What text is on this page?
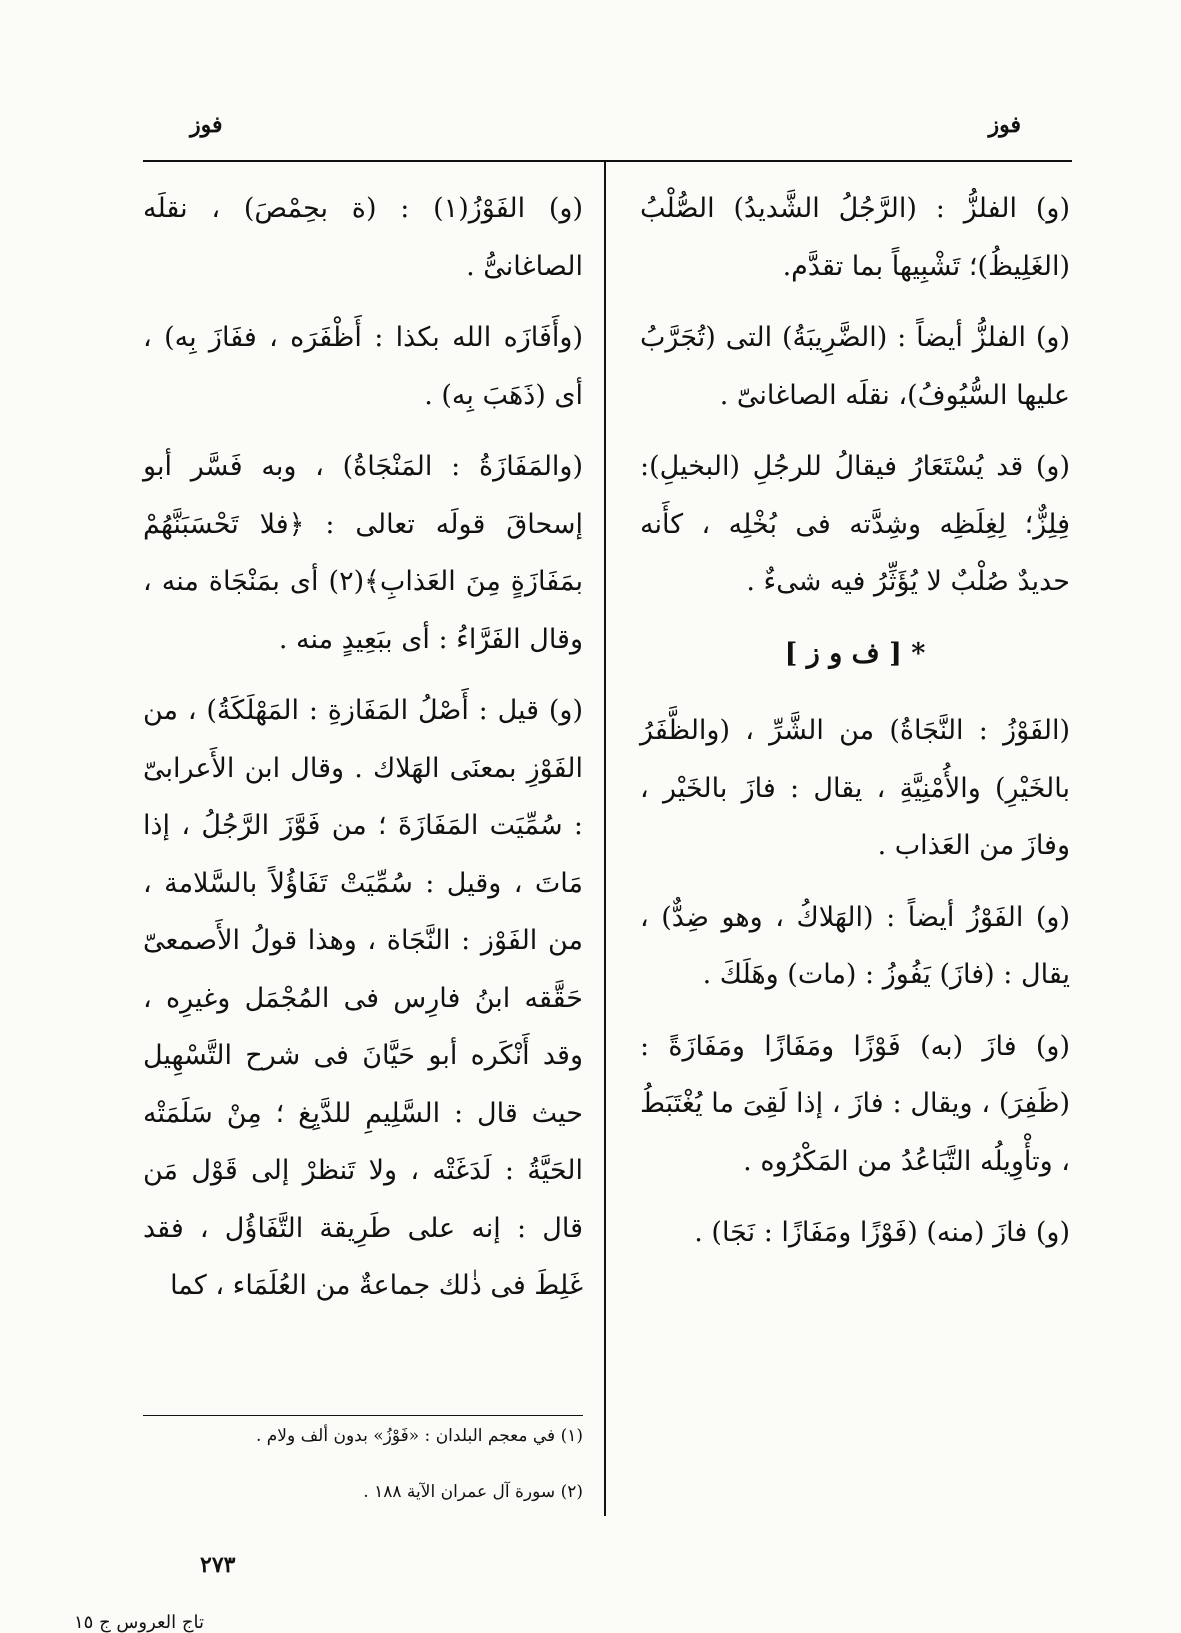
فوز
فوز

(و) الفلزُّ : (الرَّجُلُ الشَّديدُ) الصُّلْبُ (الغَلِيظُ)؛ تَشْبِيهاً بما تقدَّم.

(و) الفلزُّ أيضاً : (الضَّرِيبَةُ) التى (تُجَرَّبُ عليها السُّيُوفُ)، نقلَه الصاغانىّ .

(و) قد يُسْتَعَارُ فيقالُ للرجُلِ (البخيلِ): فِلِزٌّ؛ لِغِلَظِه وشِدَّته فى بُخْلِه ، كأَنه حديدٌ صُلْبٌ لا يُؤَثِّرُ فيه شىءٌ .

* [ ف و ز ]

(الفَوْزُ : النَّجَاةُ) من الشَّرِّ ، (والظَّفَرُ بالخَيْرِ) والأُمْنِيَّةِ ، يقال : فازَ بالخَيْر ، وفازَ من العَذاب .

(و) الفَوْزُ أيضاً : (الهَلاكُ ، وهو ضِدٌّ) ، يقال : (فازَ) يَفُوزُ : (مات) وهَلَكَ .

(و) فازَ (به) فَوْزًا ومَفَازًا ومَفَازَةً : (ظَفِرَ) ، ويقال : فازَ ، إذا لَقِىَ ما يُغْتَبَطُ ، وتأْوِيلُه التَّبَاعُدُ من المَكْرُوه .

(و) فازَ (منه) (فَوْزًا ومَفَازًا : نَجَا) .

(و) الفَوْزُ(١) : (ة بحِمْصَ) ، نقلَه الصاغانىُّ .

(وأَفَازَه الله بكذا : أَظْفَرَه ، ففَازَ بِه) ، أى (ذَهَبَ بِه) .

(والمَفَازَةُ : المَنْجَاةُ) ، وبه فَسَّر أبو إسحاقَ قولَه تعالى : ﴿فلا تَحْسَبَنَّهُمْ بمَفَازَةٍ مِنَ العَذابِ﴾(٢) أى بمَنْجَاة منه ، وقال الفَرَّاءُ : أى ببَعِيدٍ منه .

(و) قيل : أَصْلُ المَفَازةِ : المَهْلَكَةُ) ، من الفَوْزِ بمعنَى الهَلاك . وقال ابن الأَعرابىّ : سُمِّيَت المَفَازَةَ ؛ من فَوَّزَ الرَّجُلُ ، إذا مَاتَ ، وقيل : سُمِّيَتْ تَفَاؤُلاً بالسَّلامة ، من الفَوْز : النَّجَاة ، وهذا قولُ الأَصمعىّ حَقَّقه ابنُ فارِس فى المُجْمَل وغيرِه ، وقد أَنْكَره أبو حَيَّانَ فى شرح التَّسْهِيل حيث قال : السَّلِيمِ للدَّيِغ ؛ مِنْ سَلَمَتْه الحَيَّةُ : لَدَغَتْه ، ولا تَنظرْ إلى قَوْل مَن قال : إنه على طَرِيقة التَّفَاؤُل ، فقد غَلِطَ فى ذٰلك جماعةٌ من العُلَمَاء ، كما

(١) في معجم البلدان : «فَوْزُ» بدون ألف ولام .
(٢) سورة آل عمران الآية ١٨٨ .
٢٧٣
تاج العروس ج ١٥
